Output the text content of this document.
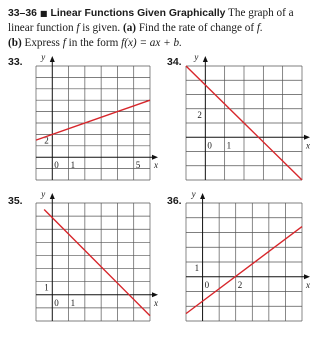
33–36 ■ Linear Functions Given Graphically The graph of a
linear function f is given. (a) Find the rate of change of f.
(b) Express f in the form f(x) = ax + b.
33.	34.
35.	36.
x
y
0 1	5
2	x
y
0 1
2
x
y
0 1
1	x
y
0	2
1
